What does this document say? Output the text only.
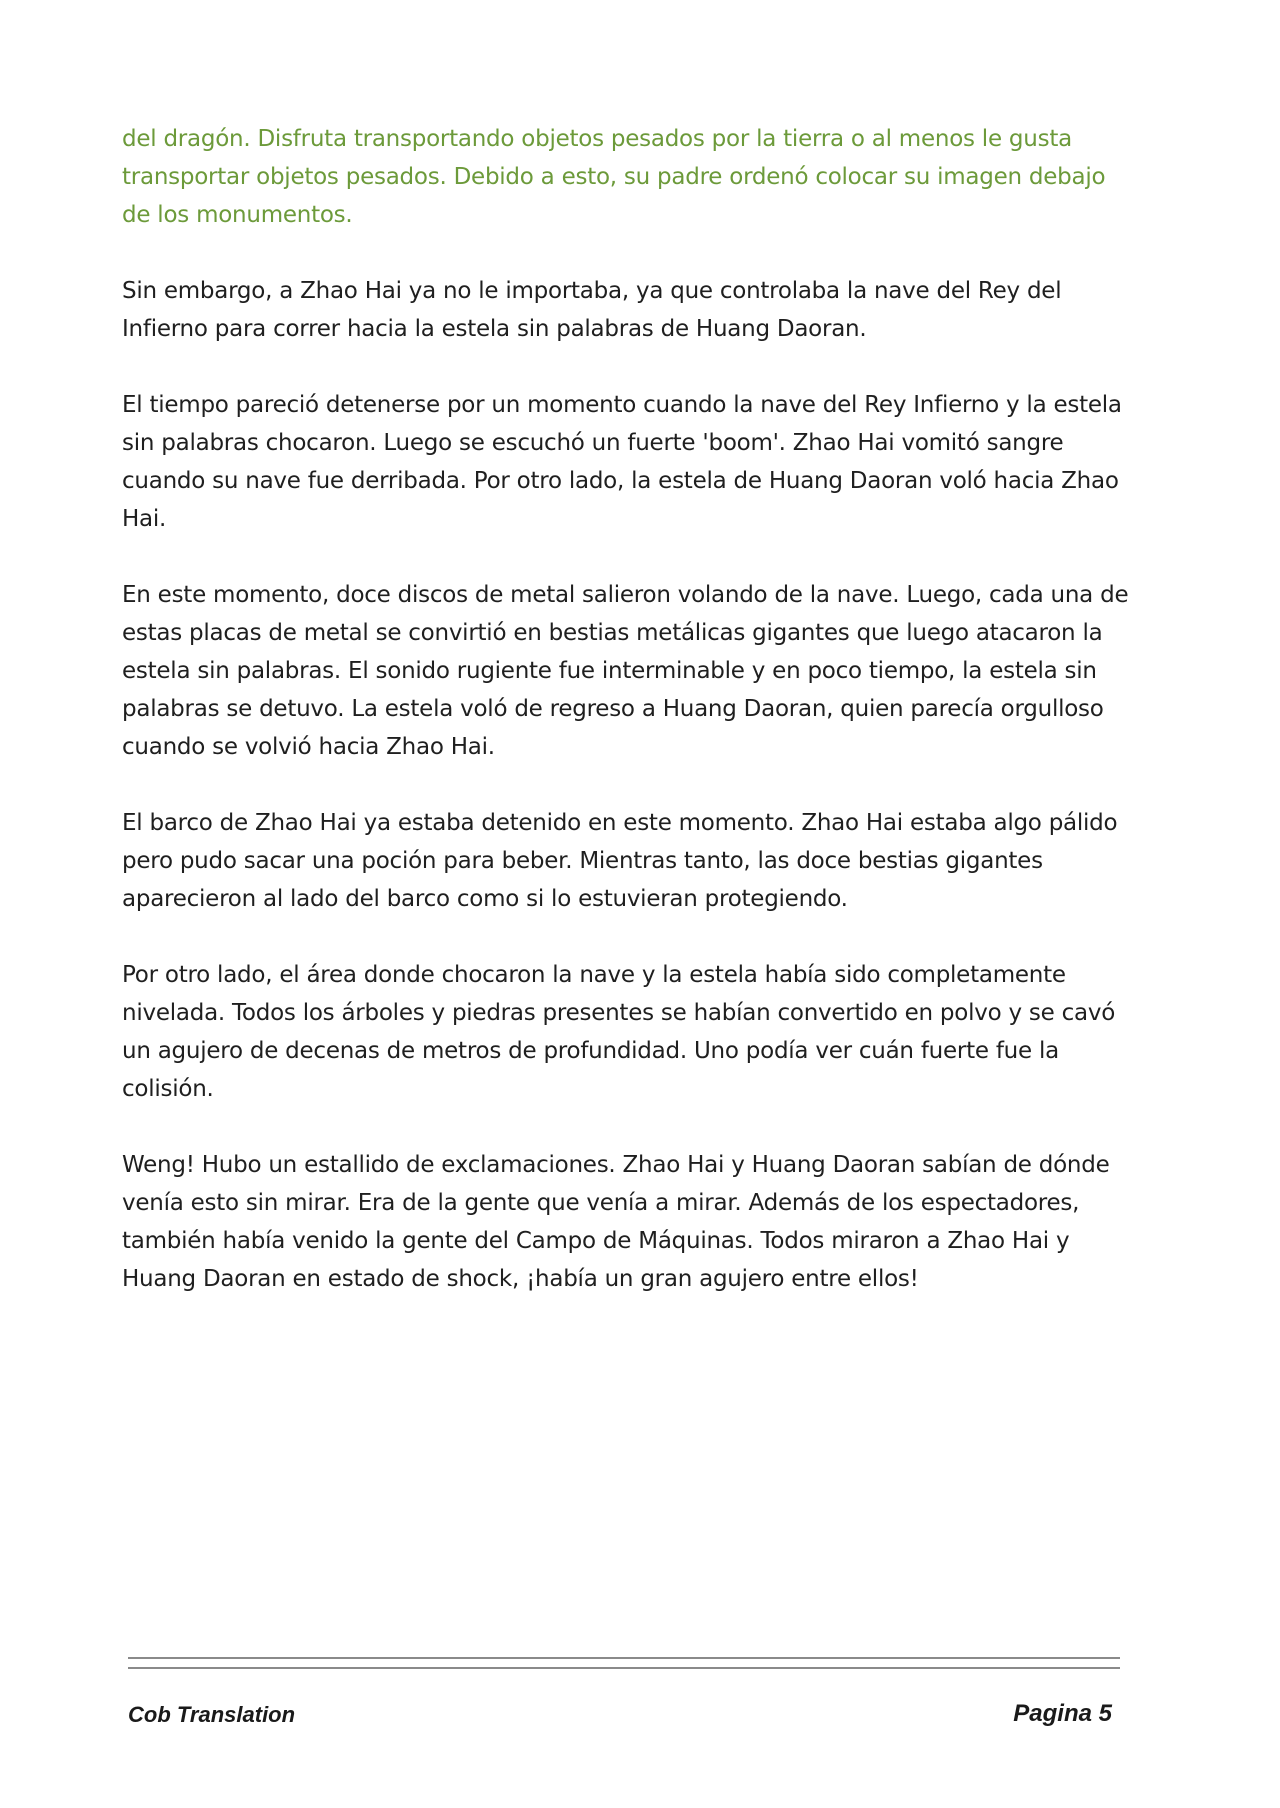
del dragón. Disfruta transportando objetos pesados por la tierra o al menos le gusta transportar objetos pesados. Debido a esto, su padre ordenó colocar su imagen debajo de los monumentos.

Sin embargo, a Zhao Hai ya no le importaba, ya que controlaba la nave del Rey del Infierno para correr hacia la estela sin palabras de Huang Daoran.

El tiempo pareció detenerse por un momento cuando la nave del Rey Infierno y la estela sin palabras chocaron. Luego se escuchó un fuerte 'boom'. Zhao Hai vomitó sangre cuando su nave fue derribada. Por otro lado, la estela de Huang Daoran voló hacia Zhao Hai.

En este momento, doce discos de metal salieron volando de la nave. Luego, cada una de estas placas de metal se convirtió en bestias metálicas gigantes que luego atacaron la estela sin palabras. El sonido rugiente fue interminable y en poco tiempo, la estela sin palabras se detuvo. La estela voló de regreso a Huang Daoran, quien parecía orgulloso cuando se volvió hacia Zhao Hai.

El barco de Zhao Hai ya estaba detenido en este momento. Zhao Hai estaba algo pálido pero pudo sacar una poción para beber. Mientras tanto, las doce bestias gigantes aparecieron al lado del barco como si lo estuvieran protegiendo.

Por otro lado, el área donde chocaron la nave y la estela había sido completamente nivelada. Todos los árboles y piedras presentes se habían convertido en polvo y se cavó un agujero de decenas de metros de profundidad. Uno podía ver cuán fuerte fue la colisión.

Weng! Hubo un estallido de exclamaciones. Zhao Hai y Huang Daoran sabían de dónde venía esto sin mirar. Era de la gente que venía a mirar. Además de los espectadores, también había venido la gente del Campo de Máquinas. Todos miraron a Zhao Hai y Huang Daoran en estado de shock, ¡había un gran agujero entre ellos!

Cob Translation	Pagina 5
